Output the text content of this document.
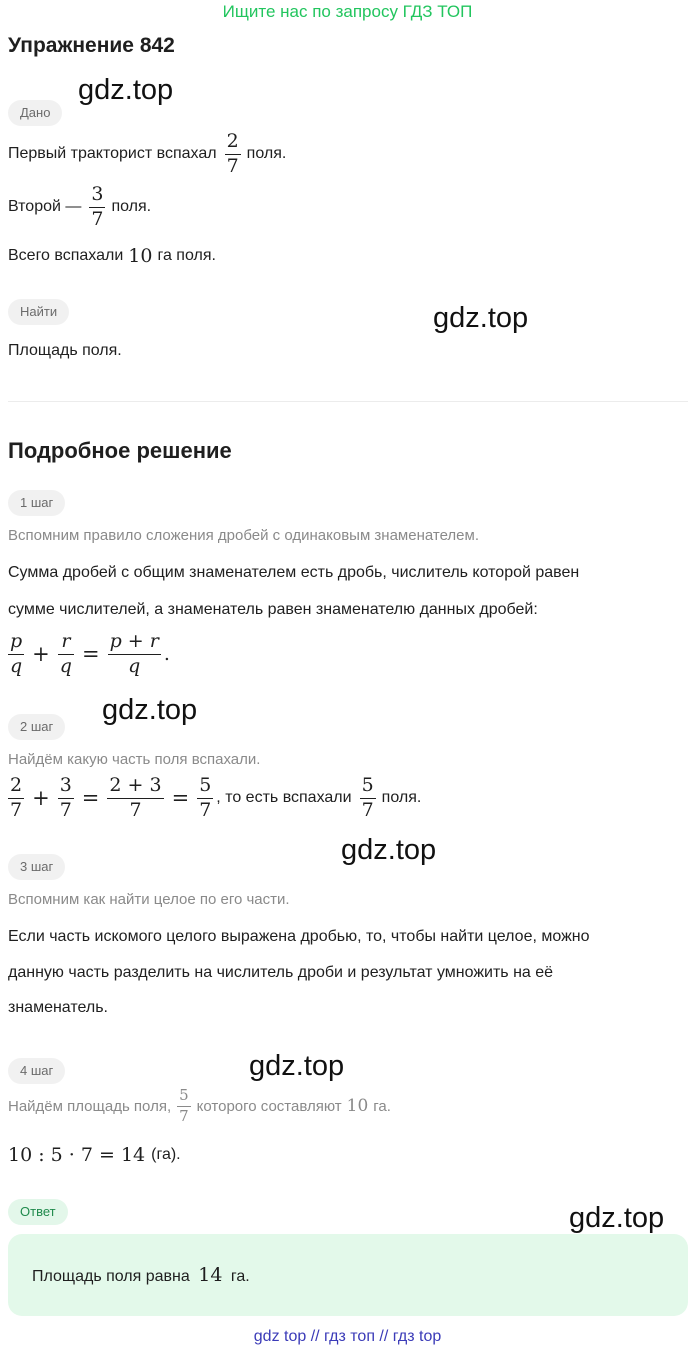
Ищите нас по запросу ГДЗ ТОП
Упражнение 842
Дано
Первый тракторист вспахал $\frac{2}{7}$ поля.
Второй — $\frac{3}{7}$ поля.
Всего вспахали 10 га поля.
Найти
Площадь поля.
Подробное решение
1 шаг
Вспомним правило сложения дробей с одинаковым знаменателем.
Сумма дробей с общим знаменателем есть дробь, числитель которой равен
сумме числителей, а знаменатель равен знаменателю данных дробей:
$\frac{p}{q} + \frac{r}{q} = \frac{p + r}{q}$ .
2 шаг
Найдём какую часть поля вспахали.
$\frac{2}{7} + \frac{3}{7} = \frac{2 + 3}{7} = \frac{5}{7}$ , то есть вспахали $\frac{5}{7}$ поля.
3 шаг
Вспомним как найти целое по его части.
Если часть искомого целого выражена дробью, то, чтобы найти целое, можно
данную часть разделить на числитель дроби и результат умножить на её
знаменатель.
4 шаг
Найдём площадь поля, $\frac{5}{7}$ которого составляют 10 га.
10 : 5 · 7 = 14 (га).
Ответ
Площадь поля равна 14 га.
gdz.top
gdz.top
gdz.top
gdz.top
gdz.top
gdz.top
gdz top // гдз топ // гдз top
